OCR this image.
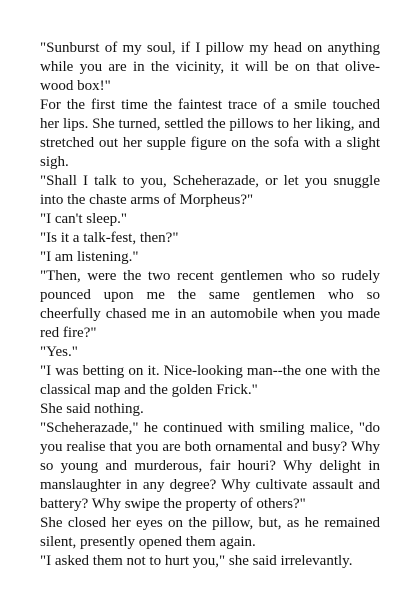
"Sunburst of my soul, if I pillow my head on anything while you are in the vicinity, it will be on that olive-wood box!"

For the first time the faintest trace of a smile touched her lips. She turned, settled the pillows to her liking, and stretched out her supple figure on the sofa with a slight sigh.

"Shall I talk to you, Scheherazade, or let you snuggle into the chaste arms of Morpheus?"

"I can't sleep."

"Is it a talk-fest, then?"

"I am listening."

"Then, were the two recent gentlemen who so rudely pounced upon me the same gentlemen who so cheerfully chased me in an automobile when you made red fire?"

"Yes."

"I was betting on it. Nice-looking man--the one with the classical map and the golden Frick."

She said nothing.

"Scheherazade," he continued with smiling malice, "do you realise that you are both ornamental and busy? Why so young and murderous, fair houri? Why delight in manslaughter in any degree? Why cultivate assault and battery? Why swipe the property of others?"

She closed her eyes on the pillow, but, as he remained silent, presently opened them again.

"I asked them not to hurt you," she said irrelevantly.
